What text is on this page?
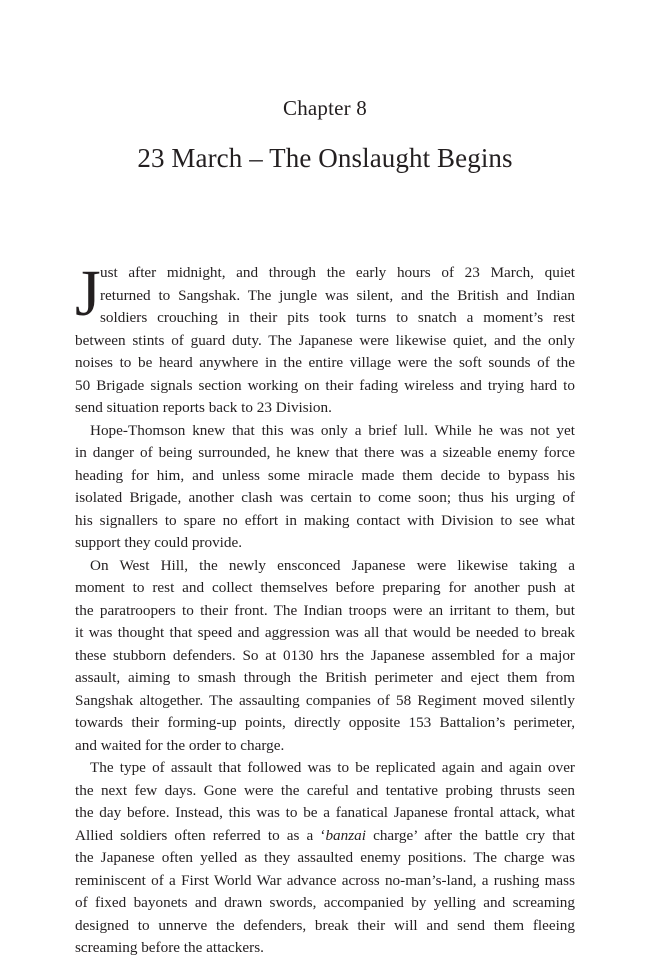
Chapter 8
23 March – The Onslaught Begins
J ust after midnight, and through the early hours of 23 March, quiet
returned to Sangshak. The jungle was silent, and the British and Indian
soldiers crouching in their pits took turns to snatch a moment’s rest
between stints of guard duty. The Japanese were likewise quiet, and the only
noises to be heard anywhere in the entire village were the soft sounds of the
50 Brigade signals section working on their fading wireless and trying hard to
send situation reports back to 23 Division.
Hope-Thomson knew that this was only a brief lull. While he was not yet
in danger of being surrounded, he knew that there was a sizeable enemy force
heading for him, and unless some miracle made them decide to bypass his
isolated Brigade, another clash was certain to come soon; thus his urging of
his signallers to spare no effort in making contact with Division to see what
support they could provide.
On West Hill, the newly ensconced Japanese were likewise taking a
moment to rest and collect themselves before preparing for another push at
the paratroopers to their front. The Indian troops were an irritant to them, but
it was thought that speed and aggression was all that would be needed to break
these stubborn defenders. So at 0130 hrs the Japanese assembled for a major
assault, aiming to smash through the British perimeter and eject them from
Sangshak altogether. The assaulting companies of 58 Regiment moved silently
towards their forming-up points, directly opposite 153 Battalion’s perimeter,
and waited for the order to charge.
The type of assault that followed was to be replicated again and again over
the next few days. Gone were the careful and tentative probing thrusts seen
the day before. Instead, this was to be a fanatical Japanese frontal attack, what
Allied soldiers often referred to as a ‘banzai charge’ after the battle cry that
the Japanese often yelled as they assaulted enemy positions. The charge was
reminiscent of a First World War advance across no-man’s-land, a rushing mass
of fixed bayonets and drawn swords, accompanied by yelling and screaming
designed to unnerve the defenders, break their will and send them fleeing
screaming before the attackers.
